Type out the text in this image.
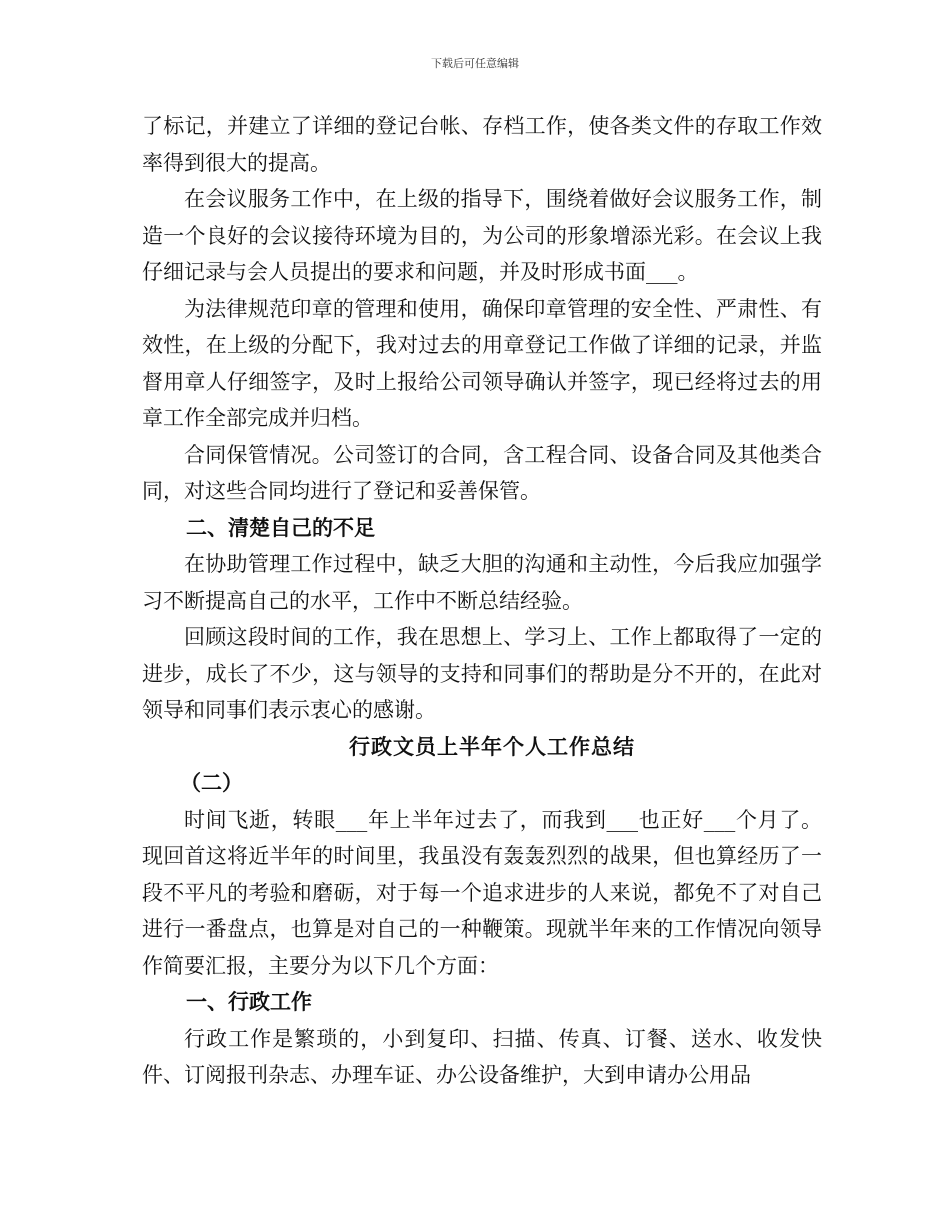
下载后可任意编辑

了标记，并建立了详细的登记台帐、存档工作，使各类文件的存取工作效率得到很大的提高。

在会议服务工作中，在上级的指导下，围绕着做好会议服务工作，制造一个良好的会议接待环境为目的，为公司的形象增添光彩。在会议上我仔细记录与会人员提出的要求和问题，并及时形成书面___。

为法律规范印章的管理和使用，确保印章管理的安全性、严肃性、有效性，在上级的分配下，我对过去的用章登记工作做了详细的记录，并监督用章人仔细签字，及时上报给公司领导确认并签字，现已经将过去的用章工作全部完成并归档。

合同保管情况。公司签订的合同，含工程合同、设备合同及其他类合同，对这些合同均进行了登记和妥善保管。

二、清楚自己的不足

在协助管理工作过程中，缺乏大胆的沟通和主动性，今后我应加强学习不断提高自己的水平，工作中不断总结经验。

回顾这段时间的工作，我在思想上、学习上、工作上都取得了一定的进步，成长了不少，这与领导的支持和同事们的帮助是分不开的，在此对领导和同事们表示衷心的感谢。

行政文员上半年个人工作总结

（二）

时间飞逝，转眼___年上半年过去了，而我到___也正好___个月了。现回首这将近半年的时间里，我虽没有轰轰烈烈的战果，但也算经历了一段不平凡的考验和磨砺，对于每一个追求进步的人来说，都免不了对自己进行一番盘点，也算是对自己的一种鞭策。现就半年来的工作情况向领导作简要汇报，主要分为以下几个方面：

一、行政工作

行政工作是繁琐的，小到复印、扫描、传真、订餐、送水、收发快件、订阅报刊杂志、办理车证、办公设备维护，大到申请办公用品
